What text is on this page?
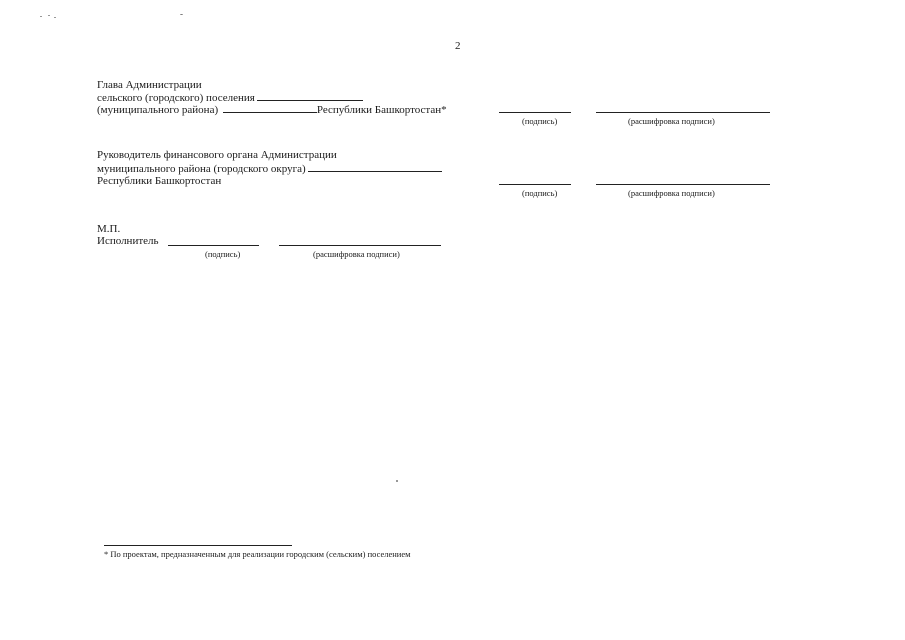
2
Глава Администрации
сельского (городского) поселения
(муниципального района)	Республики Башкортостан*
(подпись)	(расшифровка подписи)
Руководитель финансового органа Администрации
муниципального района (городского округа)
Республики Башкортостан
(подпись)	(расшифровка подписи)
М.П.
Исполнитель
(подпись)	(расшифровка подписи)
* По проектам, предназначенным для реализации городским (сельским) поселением
